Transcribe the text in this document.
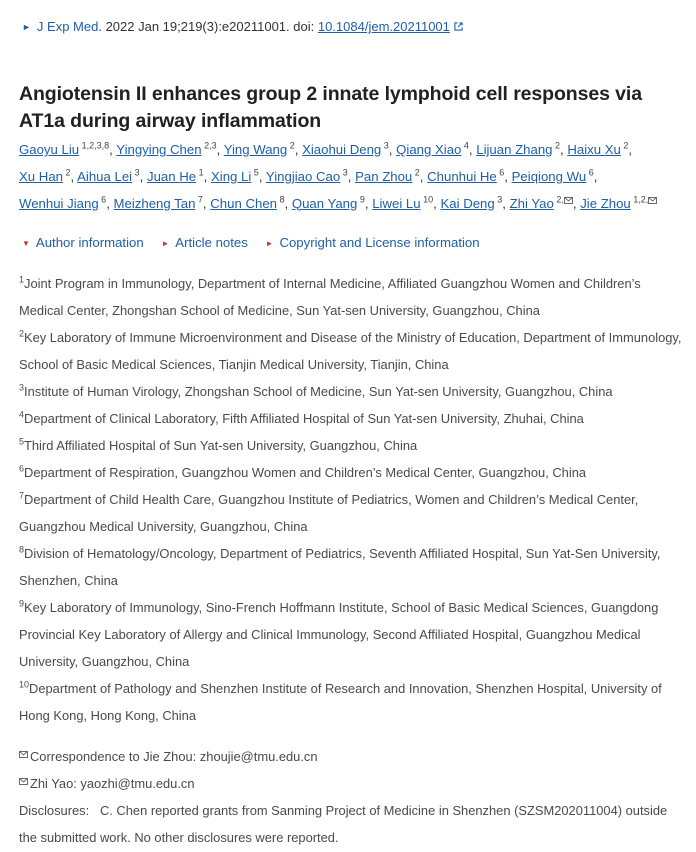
► J Exp Med. 2022 Jan 19;219(3):e20211001. doi: 10.1084/jem.20211001
Angiotensin II enhances group 2 innate lymphoid cell responses via AT1a during airway inflammation
Gaoyu Liu $^{1,2,3,8}$, Yingying Chen $^{2,3}$, Ying Wang $^2$, Xiaohui Deng $^3$, Qiang Xiao $^4$, Lijuan Zhang $^2$, Haixu Xu $^2$, Xu Han $^2$, Aihua Lei $^3$, Juan He $^1$, Xing Li $^5$, Yingjiao Cao $^3$, Pan Zhou $^2$, Chunhui He $^6$, Peiqiong Wu $^6$, Wenhui Jiang $^6$, Meizheng Tan $^7$, Chun Chen $^8$, Quan Yang $^9$, Liwei Lu $^{10}$, Kai Deng $^3$, Zhi Yao $^{2,}$ , Jie Zhou $^{1,2,}$
▼ Author information ► Article notes ► Copyright and License information

$^1$Joint Program in Immunology, Department of Internal Medicine, Affiliated Guangzhou Women and Children’s Medical Center, Zhongshan School of Medicine, Sun Yat-sen University, Guangzhou, China

$^2$Key Laboratory of Immune Microenvironment and Disease of the Ministry of Education, Department of Immunology, School of Basic Medical Sciences, Tianjin Medical University, Tianjin, China

$^3$Institute of Human Virology, Zhongshan School of Medicine, Sun Yat-sen University, Guangzhou, China

$^4$Department of Clinical Laboratory, Fifth Affiliated Hospital of Sun Yat-sen University, Zhuhai, China

$^5$Third Affiliated Hospital of Sun Yat-sen University, Guangzhou, China

$^6$Department of Respiration, Guangzhou Women and Children’s Medical Center, Guangzhou, China

$^7$Department of Child Health Care, Guangzhou Institute of Pediatrics, Women and Children’s Medical Center, Guangzhou Medical University, Guangzhou, China

$^8$Division of Hematology/Oncology, Department of Pediatrics, Seventh Affiliated Hospital, Sun Yat-Sen University, Shenzhen, China

$^9$Key Laboratory of Immunology, Sino-French Hoffmann Institute, School of Basic Medical Sciences, Guangdong Provincial Key Laboratory of Allergy and Clinical Immunology, Second Affiliated Hospital, Guangzhou Medical University, Guangzhou, China

$^{10}$Department of Pathology and Shenzhen Institute of Research and Innovation, Shenzhen Hospital, University of Hong Kong, Hong Kong, China

Correspondence to Jie Zhou: zhoujie@tmu.edu.cn

Zhi Yao: yaozhi@tmu.edu.cn

Disclosures:   C. Chen reported grants from Sanming Project of Medicine in Shenzhen (SZSM202011004) outside the submitted work. No other disclosures were reported.
